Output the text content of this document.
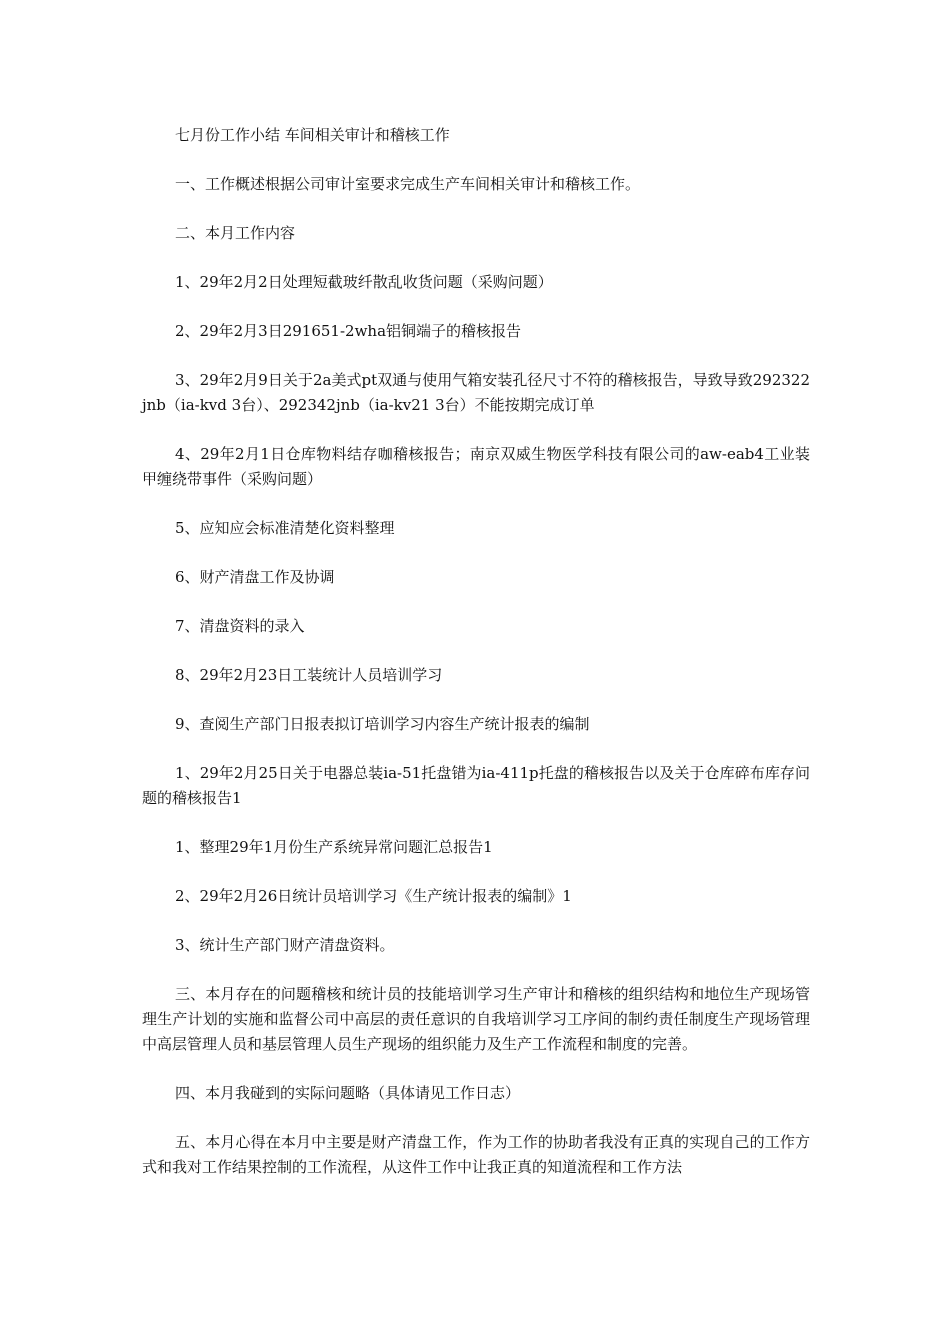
七月份工作小结 车间相关审计和稽核工作

一、工作概述根据公司审计室要求完成生产车间相关审计和稽核工作。

二、本月工作内容

1、29年2月2日处理短截玻纤散乱收货问题（采购问题）

2、29年2月3日291651-2wha铝铜端子的稽核报告

3、29年2月9日关于2a美式pt双通与使用气箱安装孔径尺寸不符的稽核报告，导致导致292322jnb（ia-kvd 3台）、292342jnb（ia-kv21 3台）不能按期完成订单

4、29年2月1日仓库物料结存咖稽核报告；南京双威生物医学科技有限公司的aw-eab4工业装甲缠绕带事件（采购问题）

5、应知应会标准清楚化资料整理

6、财产清盘工作及协调

7、清盘资料的录入

8、29年2月23日工装统计人员培训学习

9、查阅生产部门日报表拟订培训学习内容生产统计报表的编制

1、29年2月25日关于电器总装ia-51托盘错为ia-411p托盘的稽核报告以及关于仓库碎布库存问题的稽核报告1

1、整理29年1月份生产系统异常问题汇总报告1

2、29年2月26日统计员培训学习《生产统计报表的编制》1

3、统计生产部门财产清盘资料。

三、本月存在的问题稽核和统计员的技能培训学习生产审计和稽核的组织结构和地位生产现场管理生产计划的实施和监督公司中高层的责任意识的自我培训学习工序间的制约责任制度生产现场管理中高层管理人员和基层管理人员生产现场的组织能力及生产工作流程和制度的完善。

四、本月我碰到的实际问题略（具体请见工作日志）

五、本月心得在本月中主要是财产清盘工作，作为工作的协助者我没有正真的实现自己的工作方式和我对工作结果控制的工作流程，从这件工作中让我正真的知道流程和工作方法
